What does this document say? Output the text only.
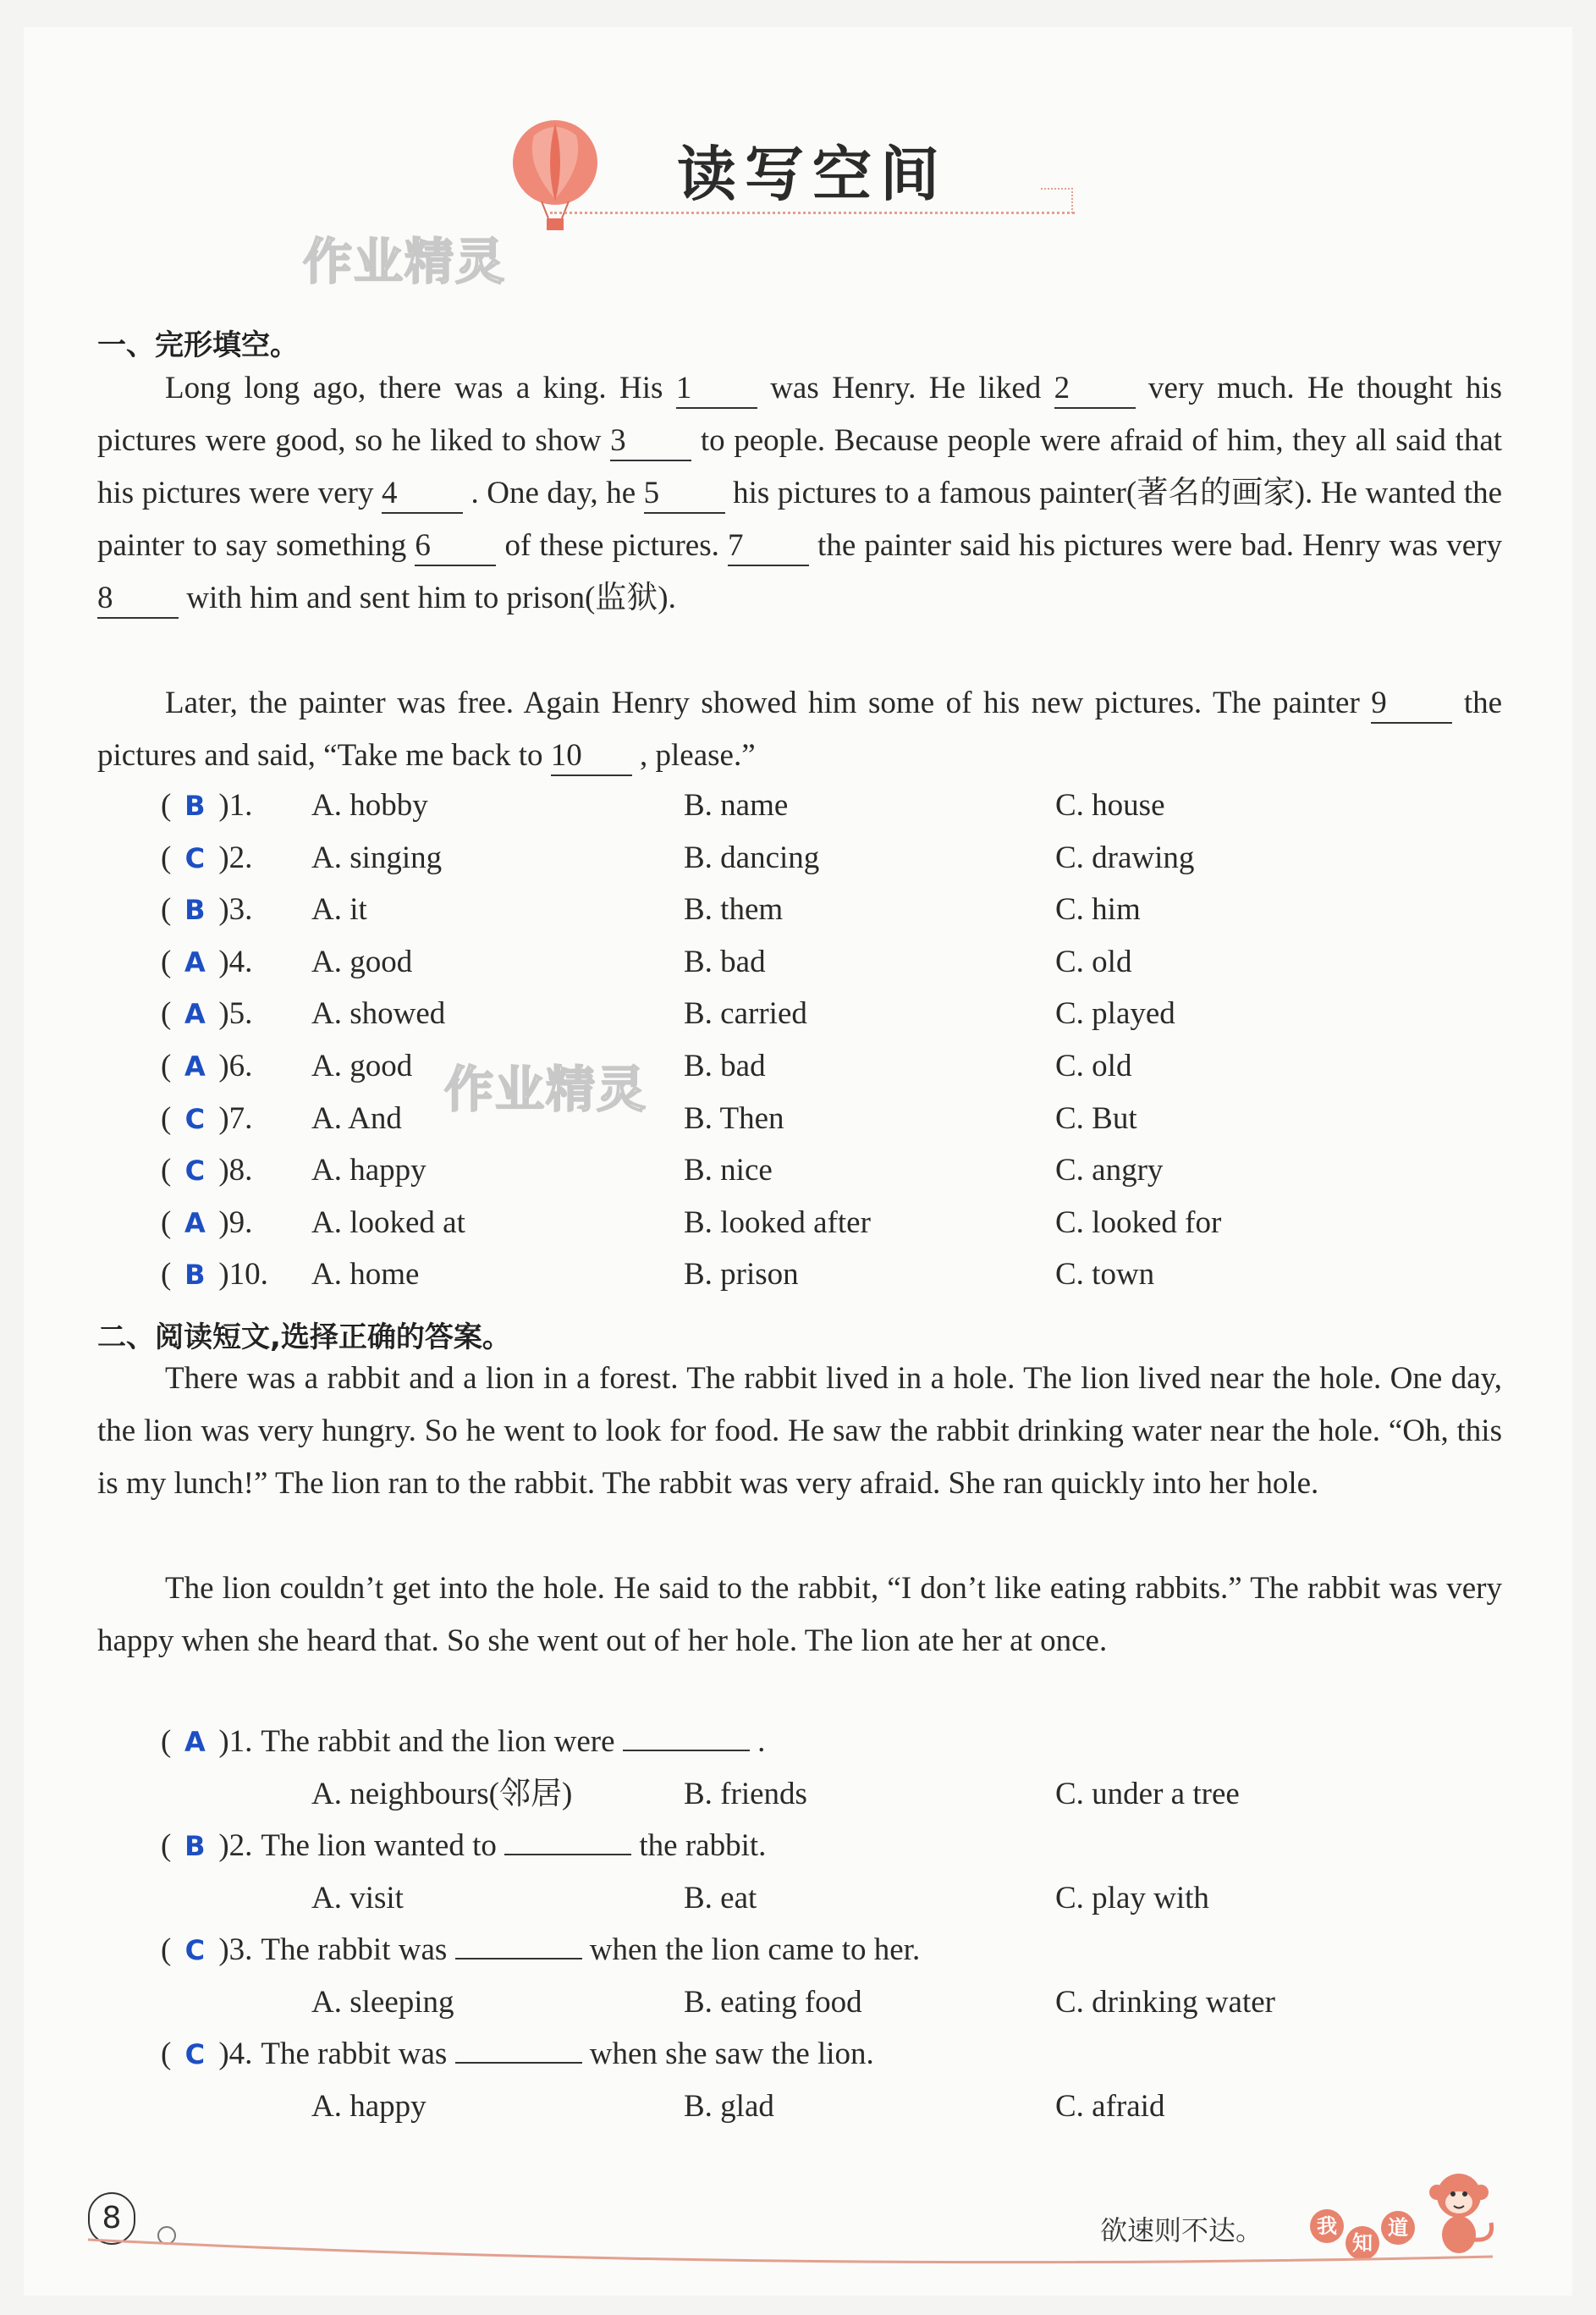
读写空间
作业精灵
作业精灵
一、完形填空。
Long long ago, there was a king. His 1	was Henry. He liked 2	very much. He thought his pictures were good, so he liked to show 3 to people. Because people were afraid of him, they all said that his pictures were very 4 . One day, he 5 his pictures to a famous painter(著名的画家). He wanted the painter to say something 6 of these pictures. 7 the painter said his pictures were bad. Henry was very 8 with him and sent him to prison(监狱).
Later, the painter was free. Again Henry showed him some of his new pictures. The painter 9 the pictures and said, “Take me back to 10 , please.”
( B )1. A. hobby	B. name	C. house
( C )2. A. singing	B. dancing	C. drawing
( B )3. A. it	B. them	C. him
( A )4. A. good	B. bad	C. old
( A )5. A. showed	B. carried	C. played
( A )6. A. good	B. bad	C. old
( C )7. A. And	B. Then	C. But
( C )8. A. happy	B. nice	C. angry
( A )9. A. looked at	B. looked after	C. looked for
( B )10. A. home	B. prison	C. town
二、阅读短文,选择正确的答案。
There was a rabbit and a lion in a forest. The rabbit lived in a hole. The lion lived near the hole. One day, the lion was very hungry. So he went to look for food. He saw the rabbit drinking water near the hole. “Oh, this is my lunch!” The lion ran to the rabbit. The rabbit was very afraid. She ran quickly into her hole.
The lion couldn’t get into the hole. He said to the rabbit, “I don’t like eating rabbits.” The rabbit was very happy when she heard that. So she went out of her hole. The lion ate her at once.
( A )1. The rabbit and the lion were	.
A. neighbours(邻居)	B. friends	C. under a tree
( B )2. The lion wanted to	the rabbit.
A. visit	B. eat	C. play with
( C )3. The rabbit was	when the lion came to her.
A. sleeping	B. eating food	C. drinking water
( C )4. The rabbit was	when she saw the lion.
A. happy	B. glad	C. afraid
8	欲速则不达。	我
知
道
